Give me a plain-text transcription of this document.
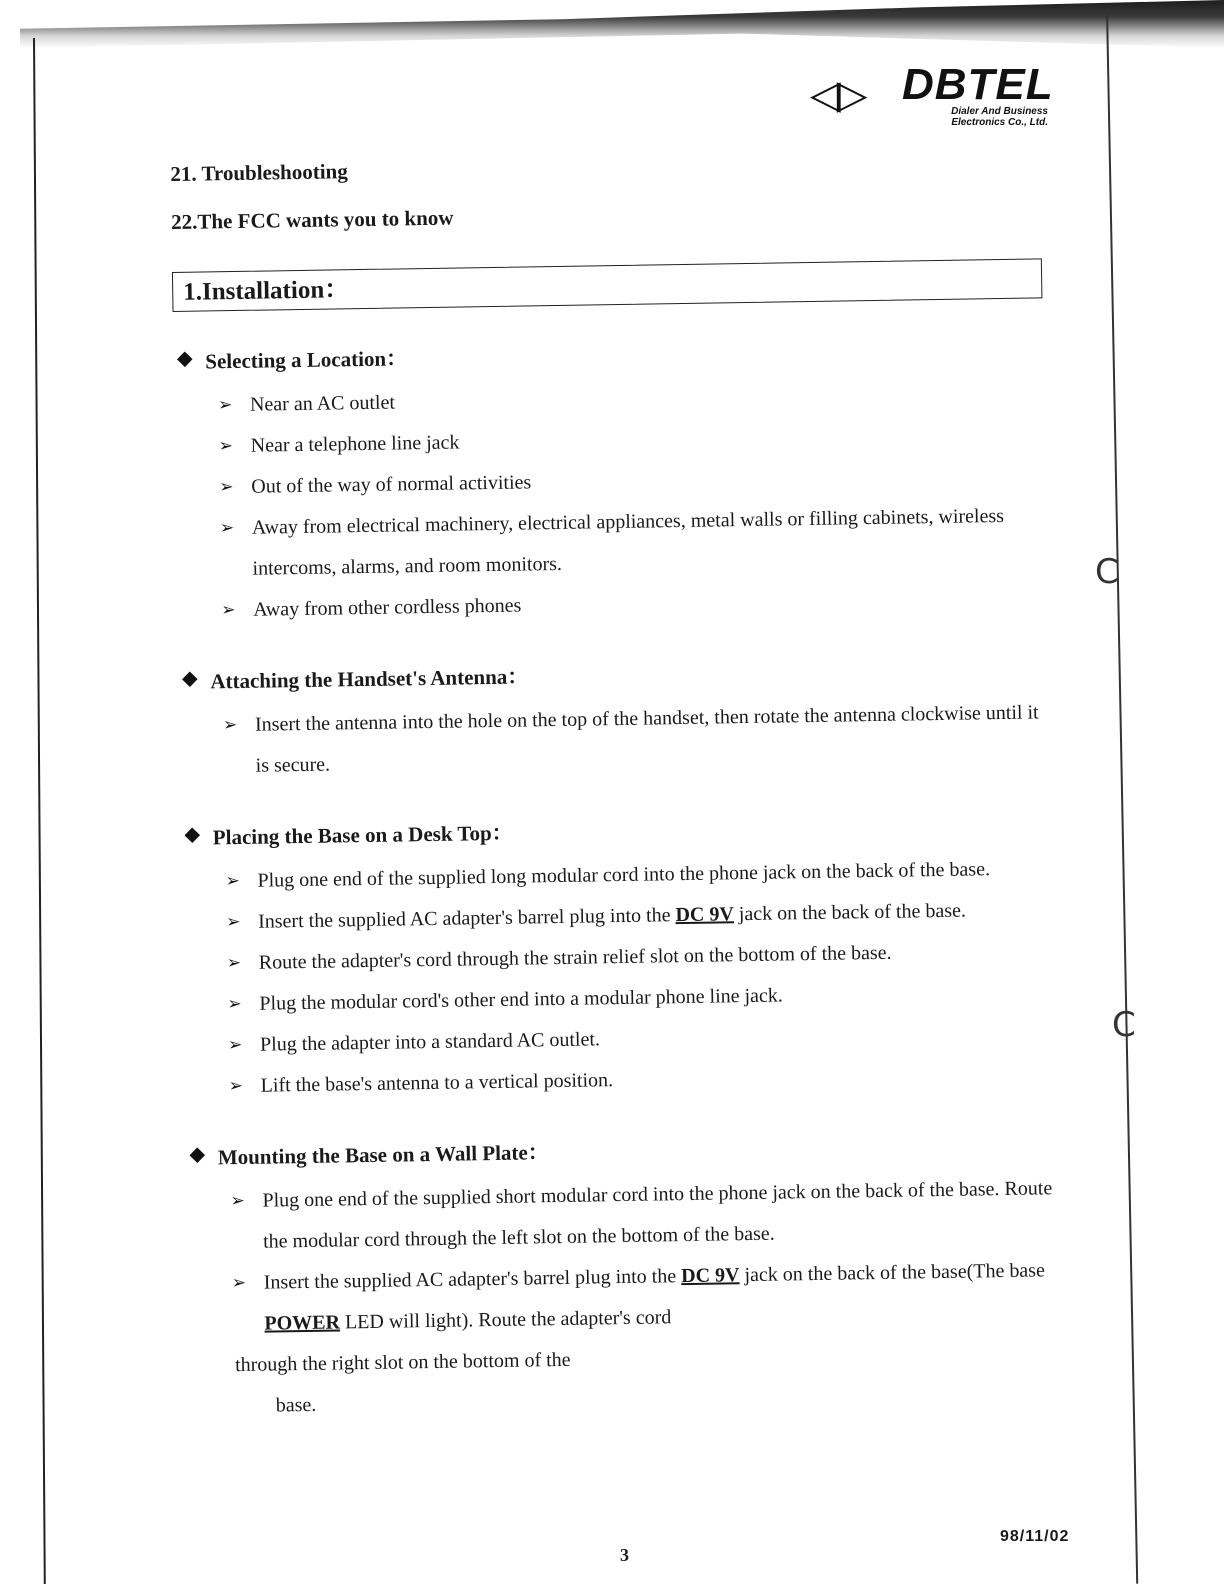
C
C
◁▷ DBTEL
Dialer And Business
Electronics Co., Ltd.

21. Troubleshooting

22.The FCC wants you to know

1.Installation：
Selecting a Location：
➢ Near an AC outlet
➢ Near a telephone line jack
➢ Out of the way of normal activities
➢ Away from electrical machinery, electrical appliances, metal walls or filling cabinets, wireless intercoms, alarms, and room monitors.
➢ Away from other cordless phones
Attaching the Handset's Antenna：
➢ Insert the antenna into the hole on the top of the handset, then rotate the antenna clockwise until it is secure.
Placing the Base on a Desk Top：
➢ Plug one end of the supplied long modular cord into the phone jack on the back of the base.
➢ Insert the supplied AC adapter's barrel plug into the DC 9V jack on the back of the base.
➢ Route the adapter's cord through the strain relief slot on the bottom of the base.
➢ Plug the modular cord's other end into a modular phone line jack.
➢ Plug the adapter into a standard AC outlet.
➢ Lift the base's antenna to a vertical position.
Mounting the Base on a Wall Plate：
➢ Plug one end of the supplied short modular cord into the phone jack on the back of the base. Route the modular cord through the left slot on the bottom of the base.
➢ Insert the supplied AC adapter's barrel plug into the DC 9V jack on the back of the base(The base POWER LED will light). Route the adapter's cord
through the right slot on the bottom of the
base.
3
98/11/02
